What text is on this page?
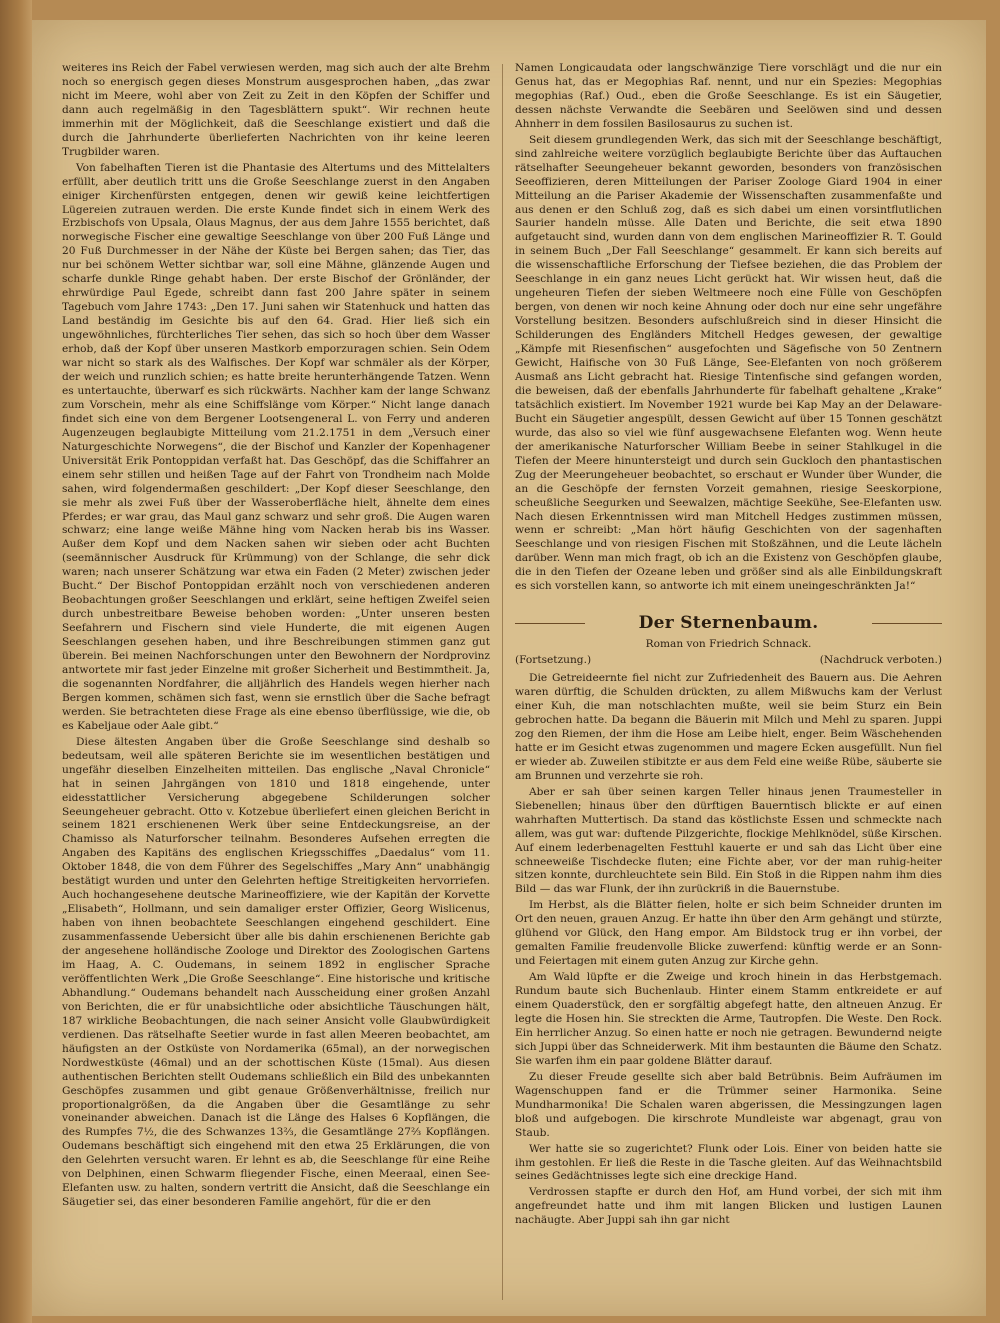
weiteres ins Reich der Fabel verwiesen werden, mag sich auch der alte Brehm noch so energisch gegen dieses Monstrum ausgesprochen haben, „das zwar nicht im Meere, wohl aber von Zeit zu Zeit in den Köpfen der Schiffer und dann auch regelmäßig in den Tagesblättern spukt“. Wir rechnen heute immerhin mit der Möglichkeit, daß die Seeschlange existiert und daß die durch die Jahrhunderte überlieferten Nachrichten von ihr keine leeren Trugbilder waren.

Von fabelhaften Tieren ist die Phantasie des Altertums und des Mittelalters erfüllt, aber deutlich tritt uns die Große Seeschlange zuerst in den Angaben einiger Kirchenfürsten entgegen, denen wir gewiß keine leichtfertigen Lügereien zutrauen werden. Die erste Kunde findet sich in einem Werk des Erzbischofs von Upsala, Olaus Magnus, der aus dem Jahre 1555 berichtet, daß norwegische Fischer eine gewaltige Seeschlange von über 200 Fuß Länge und 20 Fuß Durchmesser in der Nähe der Küste bei Bergen sahen; das Tier, das nur bei schönem Wetter sichtbar war, soll eine Mähne, glänzende Augen und scharfe dunkle Ringe gehabt haben. Der erste Bischof der Grönländer, der ehrwürdige Paul Egede, schreibt dann fast 200 Jahre später in seinem Tagebuch vom Jahre 1743: „Den 17. Juni sahen wir Statenhuck und hatten das Land beständig im Gesichte bis auf den 64. Grad. Hier ließ sich ein ungewöhnliches, fürchterliches Tier sehen, das sich so hoch über dem Wasser erhob, daß der Kopf über unseren Mastkorb emporzuragen schien. Sein Odem war nicht so stark als des Walfisches. Der Kopf war schmäler als der Körper, der weich und runzlich schien; es hatte breite herunterhängende Tatzen. Wenn es untertauchte, überwarf es sich rückwärts. Nachher kam der lange Schwanz zum Vorschein, mehr als eine Schiffslänge vom Körper.“ Nicht lange danach findet sich eine von dem Bergener Lootsengeneral L. von Ferry und anderen Augenzeugen beglaubigte Mitteilung vom 21.2.1751 in dem „Versuch einer Naturgeschichte Norwegens“, die der Bischof und Kanzler der Kopenhagener Universität Erik Pontoppidan verfaßt hat. Das Geschöpf, das die Schiffahrer an einem sehr stillen und heißen Tage auf der Fahrt von Trondheim nach Molde sahen, wird folgendermaßen geschildert: „Der Kopf dieser Seeschlange, den sie mehr als zwei Fuß über der Wasseroberfläche hielt, ähnelte dem eines Pferdes; er war grau, das Maul ganz schwarz und sehr groß. Die Augen waren schwarz; eine lange weiße Mähne hing vom Nacken herab bis ins Wasser. Außer dem Kopf und dem Nacken sahen wir sieben oder acht Buchten (seemännischer Ausdruck für Krümmung) von der Schlange, die sehr dick waren; nach unserer Schätzung war etwa ein Faden (2 Meter) zwischen jeder Bucht.“ Der Bischof Pontoppidan erzählt noch von verschiedenen anderen Beobachtungen großer Seeschlangen und erklärt, seine heftigen Zweifel seien durch unbestreitbare Beweise behoben worden: „Unter unseren besten Seefahrern und Fischern sind viele Hunderte, die mit eigenen Augen Seeschlangen gesehen haben, und ihre Beschreibungen stimmen ganz gut überein. Bei meinen Nachforschungen unter den Bewohnern der Nordprovinz antwortete mir fast jeder Einzelne mit großer Sicherheit und Bestimmtheit. Ja, die sogenannten Nordfahrer, die alljährlich des Handels wegen hierher nach Bergen kommen, schämen sich fast, wenn sie ernstlich über die Sache befragt werden. Sie betrachteten diese Frage als eine ebenso überflüssige, wie die, ob es Kabeljaue oder Aale gibt.“

Diese ältesten Angaben über die Große Seeschlange sind deshalb so bedeutsam, weil alle späteren Berichte sie im wesentlichen bestätigen und ungefähr dieselben Einzelheiten mitteilen. Das englische „Naval Chronicle“ hat in seinen Jahrgängen von 1810 und 1818 eingehende, unter eidesstattlicher Versicherung abgegebene Schilderungen solcher Seeungeheuer gebracht. Otto v. Kotzebue überliefert einen gleichen Bericht in seinem 1821 erschienenen Werk über seine Entdeckungsreise, an der Chamisso als Naturforscher teilnahm. Besonderes Aufsehen erregten die Angaben des Kapitäns des englischen Kriegsschiffes „Daedalus“ vom 11. Oktober 1848, die von dem Führer des Segelschiffes „Mary Ann“ unabhängig bestätigt wurden und unter den Gelehrten heftige Streitigkeiten hervorriefen. Auch hochangesehene deutsche Marineoffiziere, wie der Kapitän der Korvette „Elisabeth“, Hollmann, und sein damaliger erster Offizier, Georg Wislicenus, haben von ihnen beobachtete Seeschlangen eingehend geschildert. Eine zusammenfassende Uebersicht über alle bis dahin erschienenen Berichte gab der angesehene holländische Zoologe und Direktor des Zoologischen Gartens im Haag, A. C. Oudemans, in seinem 1892 in englischer Sprache veröffentlichten Werk „Die Große Seeschlange“. Eine historische und kritische Abhandlung.“ Oudemans behandelt nach Ausscheidung einer großen Anzahl von Berichten, die er für unabsichtliche oder absichtliche Täuschungen hält, 187 wirkliche Beobachtungen, die nach seiner Ansicht volle Glaubwürdigkeit verdienen. Das rätselhafte Seetier wurde in fast allen Meeren beobachtet, am häufigsten an der Ostküste von Nordamerika (65mal), an der norwegischen Nordwestküste (46mal) und an der schottischen Küste (15mal). Aus diesen authentischen Berichten stellt Oudemans schließlich ein Bild des unbekannten Geschöpfes zusammen und gibt genaue Größenverhältnisse, freilich nur proportionalgrößen, da die Angaben über die Gesamtlänge zu sehr voneinander abweichen. Danach ist die Länge des Halses 6 Kopflängen, die des Rumpfes 7½, die des Schwanzes 13⅔, die Gesamtlänge 27⅔ Kopflängen. Oudemans beschäftigt sich eingehend mit den etwa 25 Erklärungen, die von den Gelehrten versucht waren. Er lehnt es ab, die Seeschlange für eine Reihe von Delphinen, einen Schwarm fliegender Fische, einen Meeraal, einen See-Elefanten usw. zu halten, sondern vertritt die Ansicht, daß die Seeschlange ein Säugetier sei, das einer besonderen Familie angehört, für die er den

Namen Longicaudata oder langschwänzige Tiere vorschlägt und die nur ein Genus hat, das er Megophias Raf. nennt, und nur ein Spezies: Megophias megophias (Raf.) Oud., eben die Große Seeschlange. Es ist ein Säugetier, dessen nächste Verwandte die Seebären und Seelöwen sind und dessen Ahnherr in dem fossilen Basilosaurus zu suchen ist.

Seit diesem grundlegenden Werk, das sich mit der Seeschlange beschäftigt, sind zahlreiche weitere vorzüglich beglaubigte Berichte über das Auftauchen rätselhafter Seeungeheuer bekannt geworden, besonders von französischen Seeoffizieren, deren Mitteilungen der Pariser Zoologe Giard 1904 in einer Mitteilung an die Pariser Akademie der Wissenschaften zusammenfaßte und aus denen er den Schluß zog, daß es sich dabei um einen vorsintflutlichen Saurier handeln müsse. Alle Daten und Berichte, die seit etwa 1890 aufgetaucht sind, wurden dann von dem englischen Marineoffizier R. T. Gould in seinem Buch „Der Fall Seeschlange“ gesammelt. Er kann sich bereits auf die wissenschaftliche Erforschung der Tiefsee beziehen, die das Problem der Seeschlange in ein ganz neues Licht gerückt hat. Wir wissen heut, daß die ungeheuren Tiefen der sieben Weltmeere noch eine Fülle von Geschöpfen bergen, von denen wir noch keine Ahnung oder doch nur eine sehr ungefähre Vorstellung besitzen. Besonders aufschlußreich sind in dieser Hinsicht die Schilderungen des Engländers Mitchell Hedges gewesen, der gewaltige „Kämpfe mit Riesenfischen“ ausgefochten und Sägefische von 50 Zentnern Gewicht, Haifische von 30 Fuß Länge, See-Elefanten von noch größerem Ausmaß ans Licht gebracht hat. Riesige Tintenfische sind gefangen worden, die beweisen, daß der ebenfalls Jahrhunderte für fabelhaft gehaltene „Krake“ tatsächlich existiert. Im November 1921 wurde bei Kap May an der Delaware-Bucht ein Säugetier angespült, dessen Gewicht auf über 15 Tonnen geschätzt wurde, das also so viel wie fünf ausgewachsene Elefanten wog. Wenn heute der amerikanische Naturforscher William Beebe in seiner Stahlkugel in die Tiefen der Meere hinuntersteigt und durch sein Guckloch den phantastischen Zug der Meerungeheuer beobachtet, so erschaut er Wunder über Wunder, die an die Geschöpfe der fernsten Vorzeit gemahnen, riesige Seeskorpione, scheußliche Seegurken und Seewalzen, mächtige Seekühe, See-Elefanten usw. Nach diesen Erkenntnissen wird man Mitchell Hedges zustimmen müssen, wenn er schreibt: „Man hört häufig Geschichten von der sagenhaften Seeschlange und von riesigen Fischen mit Stoßzähnen, und die Leute lächeln darüber. Wenn man mich fragt, ob ich an die Existenz von Geschöpfen glaube, die in den Tiefen der Ozeane leben und größer sind als alle Einbildungskraft es sich vorstellen kann, so antworte ich mit einem uneingeschränkten Ja!“

Der Sternenbaum.
Roman von Friedrich Schnack.
(Fortsetzung.)	(Nachdruck verboten.)

Die Getreideernte fiel nicht zur Zufriedenheit des Bauern aus. Die Aehren waren dürftig, die Schulden drückten, zu allem Mißwuchs kam der Verlust einer Kuh, die man notschlachten mußte, weil sie beim Sturz ein Bein gebrochen hatte. Da begann die Bäuerin mit Milch und Mehl zu sparen. Juppi zog den Riemen, der ihm die Hose am Leibe hielt, enger. Beim Wäschehenden hatte er im Gesicht etwas zugenommen und magere Ecken ausgefüllt. Nun fiel er wieder ab. Zuweilen stibitzte er aus dem Feld eine weiße Rübe, säuberte sie am Brunnen und verzehrte sie roh.

Aber er sah über seinen kargen Teller hinaus jenen Traumesteller in Siebenellen; hinaus über den dürftigen Bauerntisch blickte er auf einen wahrhaften Muttertisch. Da stand das köstlichste Essen und schmeckte nach allem, was gut war: duftende Pilzgerichte, flockige Mehlknödel, süße Kirschen. Auf einem lederbenagelten Festtuhl kauerte er und sah das Licht über eine schneeweiße Tischdecke fluten; eine Fichte aber, vor der man ruhig-heiter sitzen konnte, durchleuchtete sein Bild. Ein Stoß in die Rippen nahm ihm dies Bild — das war Flunk, der ihn zurückriß in die Bauernstube.

Im Herbst, als die Blätter fielen, holte er sich beim Schneider drunten im Ort den neuen, grauen Anzug. Er hatte ihn über den Arm gehängt und stürzte, glühend vor Glück, den Hang empor. Am Bildstock trug er ihn vorbei, der gemalten Familie freudenvolle Blicke zuwerfend: künftig werde er an Sonn- und Feiertagen mit einem guten Anzug zur Kirche gehn.

Am Wald lüpfte er die Zweige und kroch hinein in das Herbstgemach. Rundum baute sich Buchenlaub. Hinter einem Stamm entkreidete er auf einem Quaderstück, den er sorgfältig abgefegt hatte, den altneuen Anzug. Er legte die Hosen hin. Sie streckten die Arme, Tautropfen. Die Weste. Den Rock. Ein herrlicher Anzug. So einen hatte er noch nie getragen. Bewundernd neigte sich Juppi über das Schneiderwerk. Mit ihm bestaunten die Bäume den Schatz. Sie warfen ihm ein paar goldene Blätter darauf.

Zu dieser Freude gesellte sich aber bald Betrübnis. Beim Aufräumen im Wagenschuppen fand er die Trümmer seiner Harmonika. Seine Mundharmonika! Die Schalen waren abgerissen, die Messingzungen lagen bloß und aufgebogen. Die kirschrote Mundleiste war abgenagt, grau von Staub.

Wer hatte sie so zugerichtet? Flunk oder Lois. Einer von beiden hatte sie ihm gestohlen. Er ließ die Reste in die Tasche gleiten. Auf das Weihnachtsbild seines Gedächtnisses legte sich eine dreckige Hand.

Verdrossen stapfte er durch den Hof, am Hund vorbei, der sich mit ihm angefreundet hatte und ihm mit langen Blicken und lustigen Launen nachäugte. Aber Juppi sah ihn gar nicht
